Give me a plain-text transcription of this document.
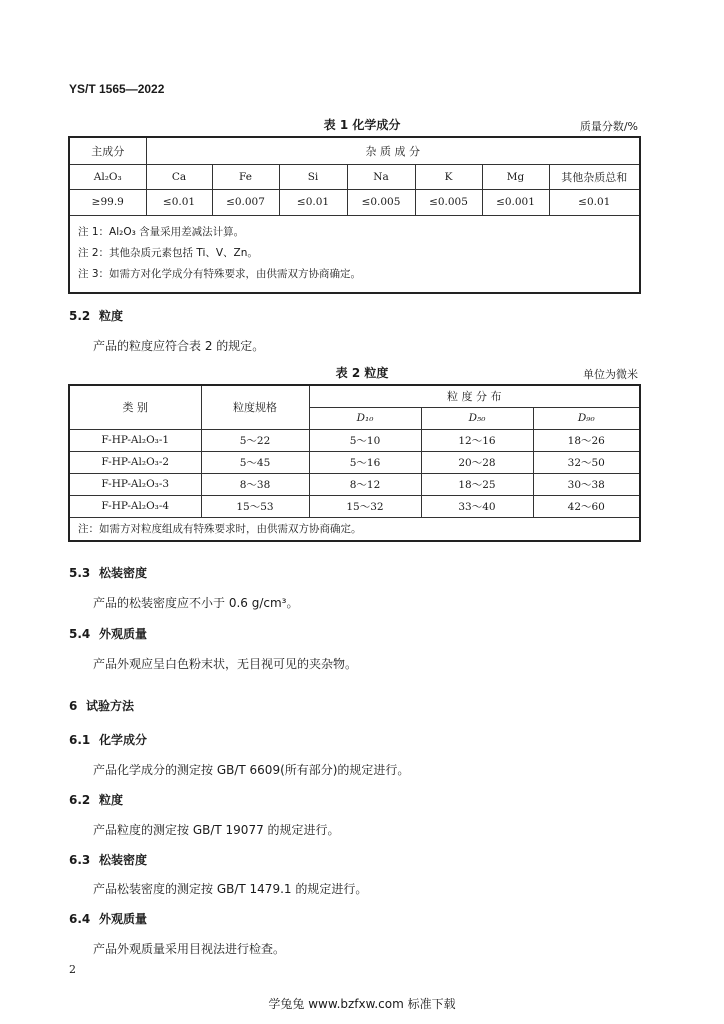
YS/T 1565—2022
表 1 化学成分	质量分数/%
主成分	杂 质 成 分						
Al₂O₃	Ca	Fe	Si	Na	K	Mg	其他杂质总和
≥99.9	≤0.01	≤0.007	≤0.01	≤0.005	≤0.005	≤0.001	≤0.01

注 1：Al₂O₃ 含量采用差减法计算。
注 2：其他杂质元素包括 Ti、V、Zn。
注 3：如需方对化学成分有特殊要求，由供需双方协商确定。							
5.2 粒度
产品的粒度应符合表 2 的规定。
表 2 粒度	单位为微米
类 别	粒度规格	粒 度 分 布		
		D₁₀	D₅₀	D₉₀
F-HP-Al₂O₃-1	5～22	5～10	12～16	18～26
F-HP-Al₂O₃-2	5～45	5～16	20～28	32～50
F-HP-Al₂O₃-3	8～38	8～12	18～25	30～38
F-HP-Al₂O₃-4	15～53	15～32	33～40	42～60
注：如需方对粒度组成有特殊要求时，由供需双方协商确定。				
5.3 松装密度
产品的松装密度应不小于 0.6 g/cm³。
5.4 外观质量
产品外观应呈白色粉末状，无目视可见的夹杂物。
6 试验方法
6.1 化学成分
产品化学成分的测定按 GB/T 6609(所有部分)的规定进行。
6.2 粒度
产品粒度的测定按 GB/T 19077 的规定进行。
6.3 松装密度
产品松装密度的测定按 GB/T 1479.1 的规定进行。
6.4 外观质量
产品外观质量采用目视法进行检查。
2
学兔兔 www.bzfxw.com 标准下载
